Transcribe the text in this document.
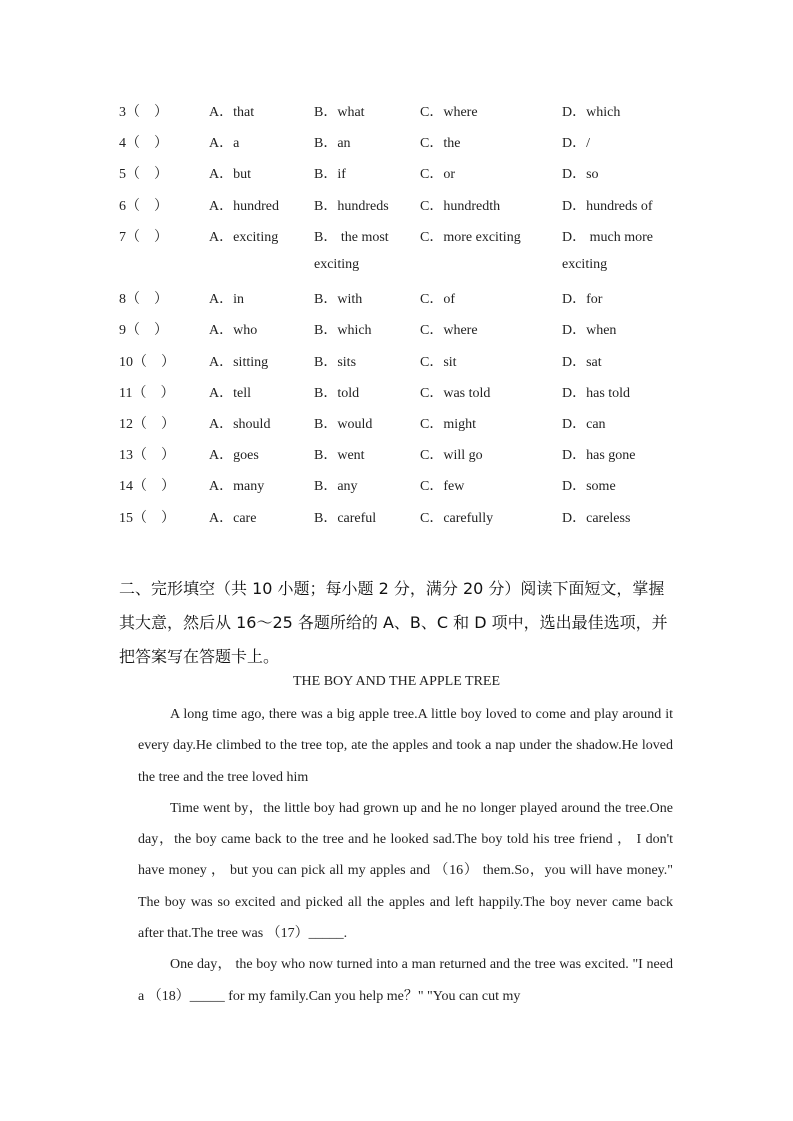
3（　）	A．that	B．what	C．where	D．which
4（　）	A．a	B．an	C．the	D．/
5（　）	A．but	B．if	C．or	D．so
6（　）	A．hundred	B．hundreds C．hundredth	D．hundreds of
7（　）	A．exciting	B． the most C．more exciting	D． much more
exciting	exciting
8（　）	A．in	B．with	C．of	D．for
9（　）	A．who	B．which	C．where	D．when
10（　） A．sitting	B．sits	C．sit	D．sat
11（　） A．tell	B．told	C．was told	D．has told
12（　） A．should	B．would	C．might	D．can
13（　） A．goes	B．went	C．will go	D．has gone
14（　） A．many	B．any	C．few	D．some
15（　） A．care	B．careful	C．carefully	D．careless
二、完形填空（共 10 小题；每小题 2 分，满分 20 分）阅读下面短文，掌握其大意，然后从 16～25 各题所给的 A、B、C 和 D 项中，选出最佳选项，并把答案写在答题卡上。
THE BOY AND THE APPLE TREE

A long time ago, there was a big apple tree.A little boy loved to come and play around it every day.He climbed to the tree top, ate the apples and took a nap under the shadow.He loved the tree and the tree loved him

Time went by，the little boy had grown up and he no longer played around the tree.One day，the boy came back to the tree and he looked sad.The boy told his tree friend ， I don't have money ， but you can pick all my apples and （16） them.So，you will have money." The boy was so excited and picked all the apples and left happily.The boy never came back after that.The tree was （17）_____.

One day， the boy who now turned into a man returned and the tree was excited. "I need a （18）_____ for my family.Can you help me？" "You can cut my
